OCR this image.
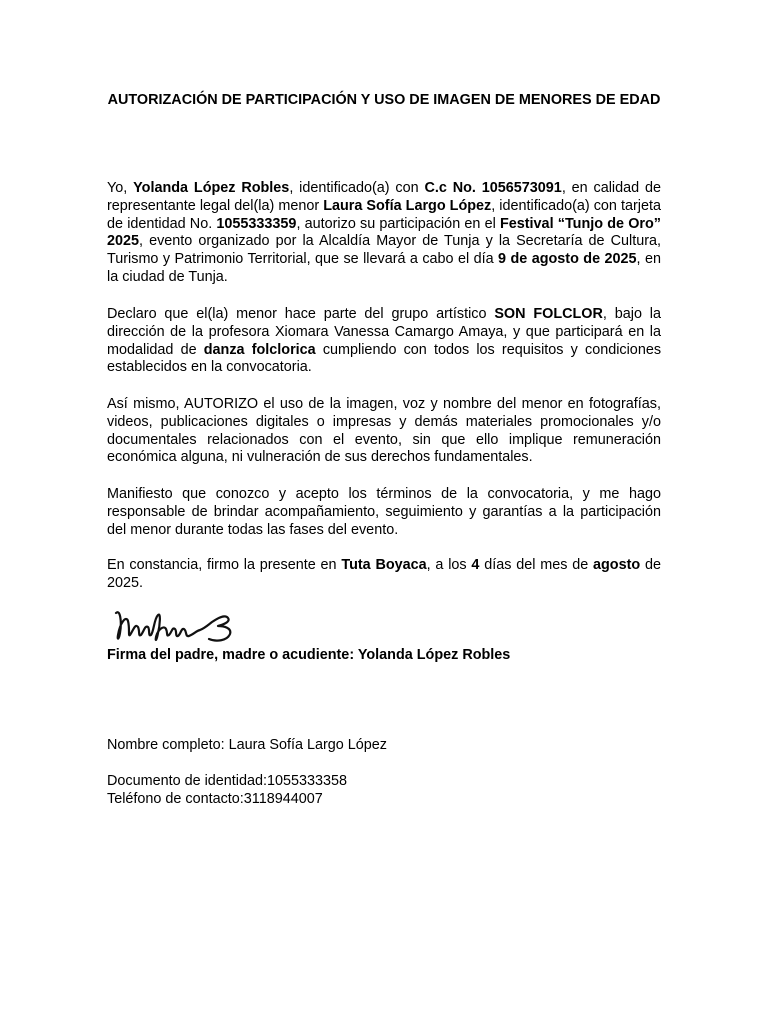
AUTORIZACIÓN DE PARTICIPACIÓN Y USO DE IMAGEN DE MENORES DE EDAD

Yo, Yolanda López Robles, identificado(a) con C.c No. 1056573091, en calidad de representante legal del(la) menor Laura Sofía Largo López, identificado(a) con tarjeta de identidad No. 1055333359, autorizo su participación en el Festival “Tunjo de Oro” 2025, evento organizado por la Alcaldía Mayor de Tunja y la Secretaría de Cultura, Turismo y Patrimonio Territorial, que se llevará a cabo el día 9 de agosto de 2025, en la ciudad de Tunja.

Declaro que el(la) menor hace parte del grupo artístico SON FOLCLOR, bajo la dirección de la profesora Xiomara Vanessa Camargo Amaya, y que participará en la modalidad de danza folclorica cumpliendo con todos los requisitos y condiciones establecidos en la convocatoria.

Así mismo, AUTORIZO el uso de la imagen, voz y nombre del menor en fotografías, videos, publicaciones digitales o impresas y demás materiales promocionales y/o documentales relacionados con el evento, sin que ello implique remuneración económica alguna, ni vulneración de sus derechos fundamentales.

Manifiesto que conozco y acepto los términos de la convocatoria, y me hago responsable de brindar acompañamiento, seguimiento y garantías a la participación del menor durante todas las fases del evento.

En constancia, firmo la presente en Tuta Boyaca, a los 4 días del mes de agosto de 2025.

Firma del padre, madre o acudiente: Yolanda López Robles
Nombre completo: Laura Sofía Largo López
Documento de identidad:1055333358
Teléfono de contacto:3118944007
